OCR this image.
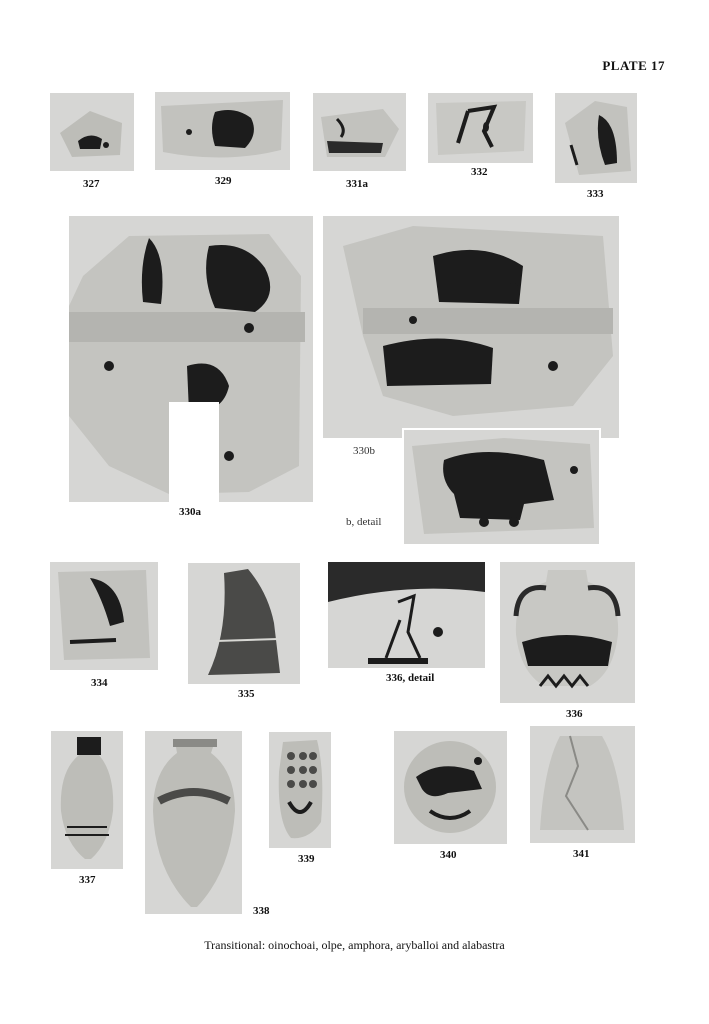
PLATE 17
327	329	331a
332
333
330a
330b
b, detail
334
335
336, detail
336
337
338
339	340	341
Transitional: oinochoai, olpe, amphora, aryballoi and alabastra
